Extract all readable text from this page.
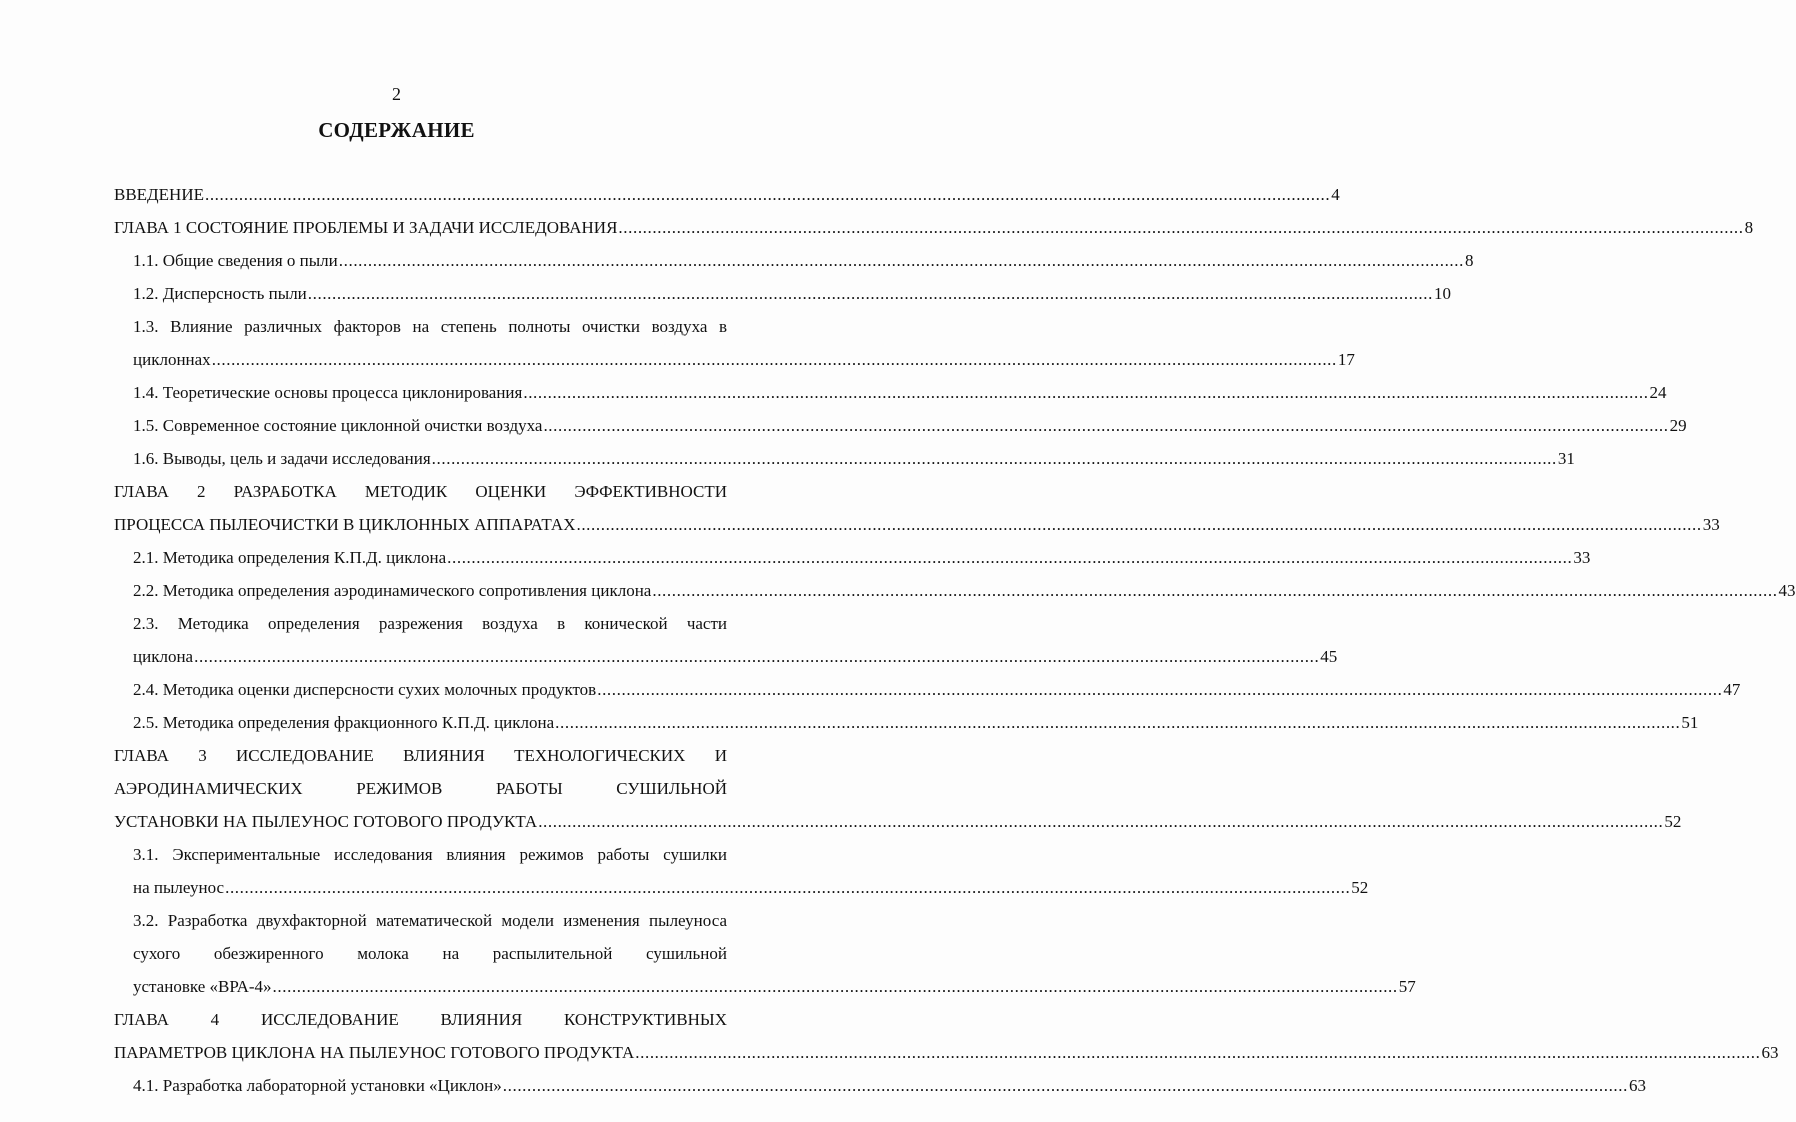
2
СОДЕРЖАНИЕ
ВВЕДЕНИЕ .....	4
ГЛАВА 1 СОСТОЯНИЕ ПРОБЛЕМЫ И ЗАДАЧИ ИССЛЕДОВАНИЯ .....	8
1.1. Общие сведения о пыли .....	8
1.2. Дисперсность пыли .....	10
1.3. Влияние различных факторов на степень полноты очистки воздуха в
циклоннах .....	17
1.4. Теоретические основы процесса циклонирования .....	24
1.5. Современное состояние циклонной очистки воздуха .....	29
1.6. Выводы, цель и задачи исследования .....	31
ГЛАВА 2 РАЗРАБОТКА МЕТОДИК ОЦЕНКИ ЭФФЕКТИВНОСТИ
ПРОЦЕССА ПЫЛЕОЧИСТКИ В ЦИКЛОННЫХ АППАРАТАХ .....	33
2.1. Методика определения К.П.Д. циклона .....	33
2.2. Методика определения аэродинамического сопротивления циклона .....	43
2.3. Методика определения разрежения воздуха в конической части
циклона .....	45
2.4. Методика оценки дисперсности сухих молочных продуктов .....	47
2.5. Методика определения фракционного К.П.Д. циклона .....	51
ГЛАВА 3 ИССЛЕДОВАНИЕ ВЛИЯНИЯ ТЕХНОЛОГИЧЕСКИХ И АЭРОДИНАМИЧЕСКИХ РЕЖИМОВ РАБОТЫ СУШИЛЬНОЙ
УСТАНОВКИ НА ПЫЛЕУНОС ГОТОВОГО ПРОДУКТА .....	52
3.1. Экспериментальные исследования влияния режимов работы сушилки
на пылеунос .....	52
3.2. Разработка двухфакторной математической модели изменения пылеуноса сухого обезжиренного молока на распылительной сушильной
установке «ВРА-4» .....	57
ГЛАВА 4 ИССЛЕДОВАНИЕ ВЛИЯНИЯ КОНСТРУКТИВНЫХ
ПАРАМЕТРОВ ЦИКЛОНА НА ПЫЛЕУНОС ГОТОВОГО ПРОДУКТА .....	63
4.1. Разработка лабораторной установки «Циклон» .....	63
